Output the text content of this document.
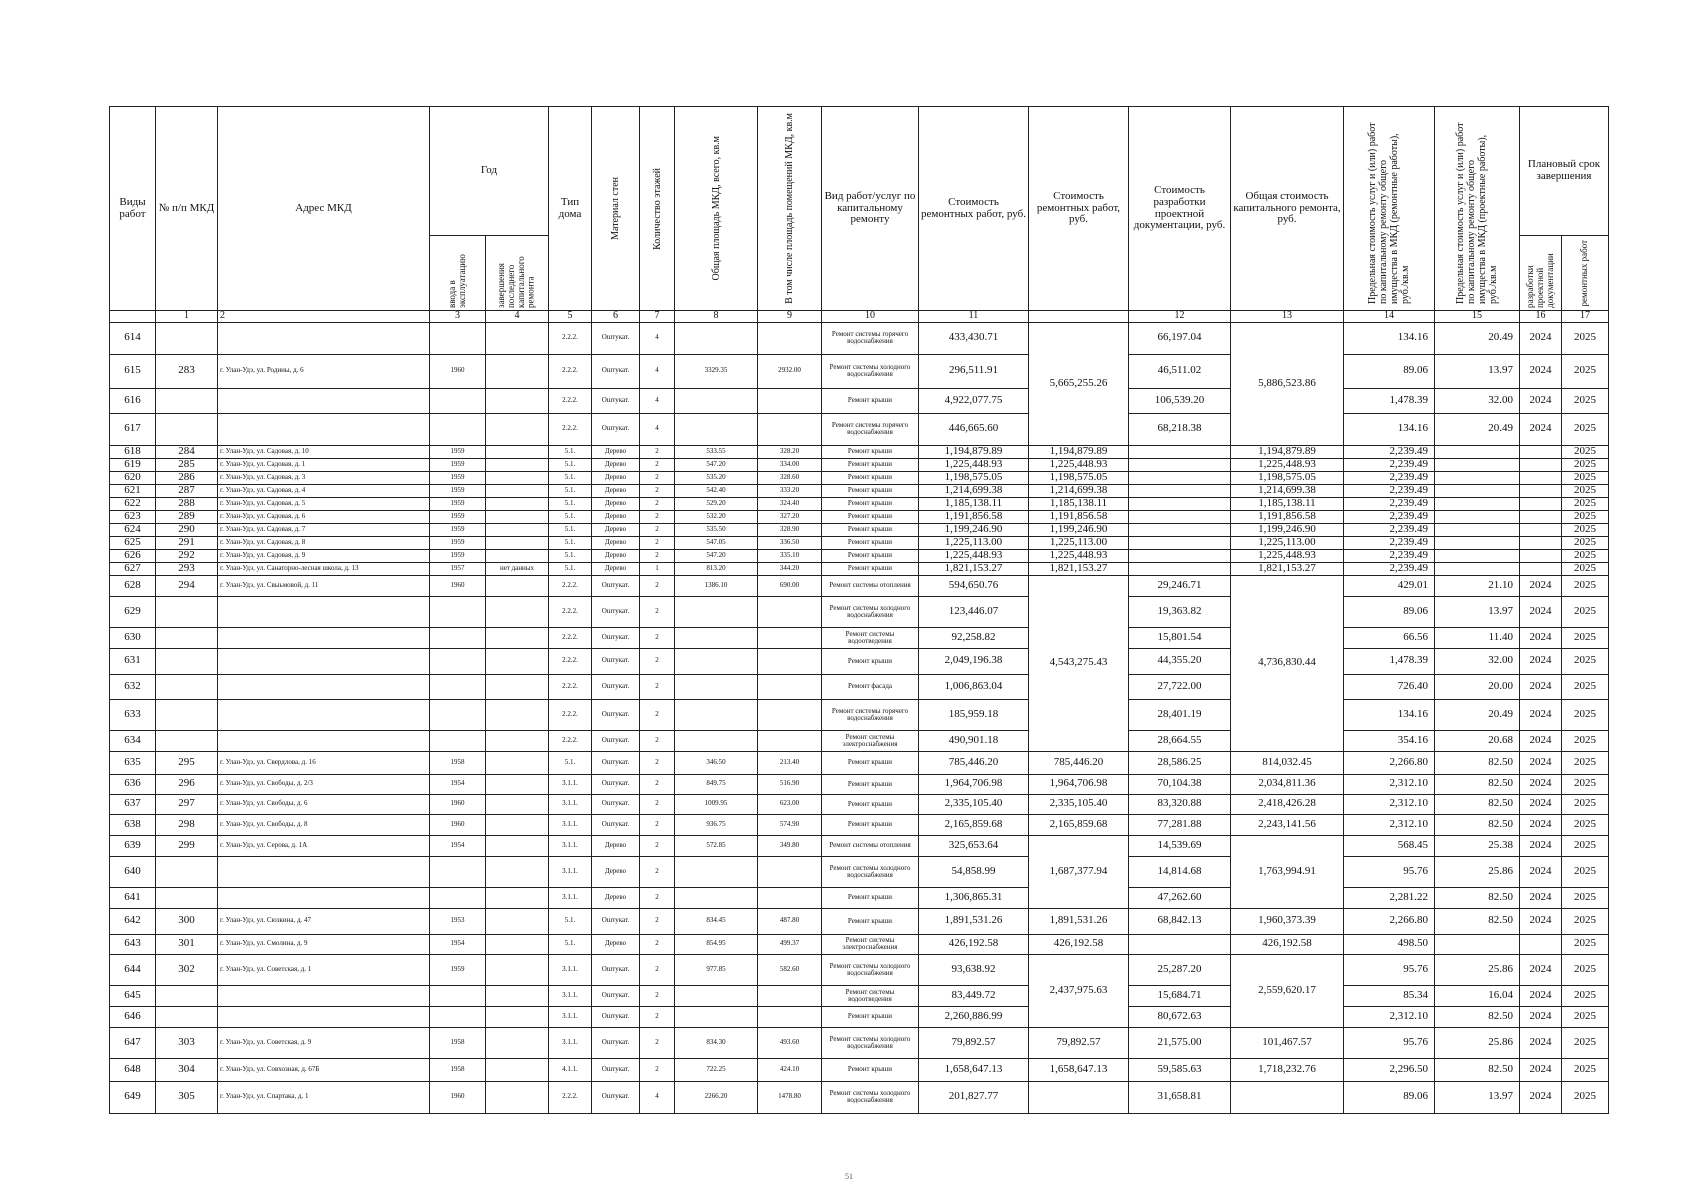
Виды работ	№ п/п МКД	Адрес МКД	Год		Тип дома	Материал стен	Количество этажей	Общая площадь МКД, всего, кв.м	В том числе площадь помещений МКД, кв.м	Вид работ/услуг по капитальному ремонту	Стоимость ремонтных работ, руб.	Стоимость ремонтных работ, руб.	Стоимость разработки проектной документации, руб.	Общая стоимость капитального ремонта, руб.	Предельная стоимость услуг и (или) работ по капитальному ремонту общего имущества в МКД (ремонтные работы), руб./кв.м	Предельная стоимость услуг и (или) работ по капитальному ремонту общего имущества в МКД (проектные работы), руб./кв.м	Плановый срок завершения	

			ввода в эксплуатацию	завершения последнего капитального ремонта													разработки проектной документации	ремонтных работ

	1	2	3	4	5	6	7	8	9	10	11		12	13	14	15	16	17
614					2.2.2.	Оштукат.	4			Ремонт системы горячего водоснабжения	433,430.71	5,665,255.26	66,197.04	5,886,523.86	134.16	20.49	2024	2025
615	283	г. Улан-Удэ, ул. Родины, д. 6	1960		2.2.2.	Оштукат.	4	3329.35	2932.00	Ремонт системы холодного водоснабжения	296,511.91		46,511.02		89.06	13.97	2024	2025
616					2.2.2.	Оштукат.	4			Ремонт крыши	4,922,077.75		106,539.20		1,478.39	32.00	2024	2025
617					2.2.2.	Оштукат.	4			Ремонт системы горячего водоснабжения	446,665.60		68,218.38		134.16	20.49	2024	2025
618	284	г. Улан-Удэ, ул. Садовая, д. 10	1959		5.1.	Дерево	2	533.55	328.20	Ремонт крыши	1,194,879.89	1,194,879.89		1,194,879.89	2,239.49			2025
619	285	г. Улан-Удэ, ул. Садовая, д. 1	1959		5.1.	Дерево	2	547.20	334.00	Ремонт крыши	1,225,448.93	1,225,448.93		1,225,448.93	2,239.49			2025
620	286	г. Улан-Удэ, ул. Садовая, д. 3	1959		5.1.	Дерево	2	535.20	328.60	Ремонт крыши	1,198,575.05	1,198,575.05		1,198,575.05	2,239.49			2025
621	287	г. Улан-Удэ, ул. Садовая, д. 4	1959		5.1.	Дерево	2	542.40	333.20	Ремонт крыши	1,214,699.38	1,214,699.38		1,214,699.38	2,239.49			2025
622	288	г. Улан-Удэ, ул. Садовая, д. 5	1959		5.1.	Дерево	2	529.20	324.40	Ремонт крыши	1,185,138.11	1,185,138.11		1,185,138.11	2,239.49			2025
623	289	г. Улан-Удэ, ул. Садовая, д. 6	1959		5.1.	Дерево	2	532.20	327.20	Ремонт крыши	1,191,856.58	1,191,856.58		1,191,856.58	2,239.49			2025
624	290	г. Улан-Удэ, ул. Садовая, д. 7	1959		5.1.	Дерево	2	535.50	328.90	Ремонт крыши	1,199,246.90	1,199,246.90		1,199,246.90	2,239.49			2025
625	291	г. Улан-Удэ, ул. Садовая, д. 8	1959		5.1.	Дерево	2	547.05	336.50	Ремонт крыши	1,225,113.00	1,225,113.00		1,225,113.00	2,239.49			2025
626	292	г. Улан-Удэ, ул. Садовая, д. 9	1959		5.1.	Дерево	2	547.20	335.10	Ремонт крыши	1,225,448.93	1,225,448.93		1,225,448.93	2,239.49			2025
627	293	г. Улан-Удэ, ул. Санаторно-лесная школа, д. 13	1957	нет данных	5.1.	Дерево	1	813.20	344.20	Ремонт крыши	1,821,153.27	1,821,153.27		1,821,153.27	2,239.49			2025
628	294	г. Улан-Удэ, ул. Свыьмовой, д. 11	1960		2.2.2.	Оштукат.	2	1386.10	690.00	Ремонт системы отопления	594,650.76	4,543,275.43	29,246.71	4,736,830.44	429.01	21.10	2024	2025
629					2.2.2.	Оштукат.	2			Ремонт системы холодного водоснабжения	123,446.07		19,363.82		89.06	13.97	2024	2025
630					2.2.2.	Оштукат.	2			Ремонт системы водоотведения	92,258.82		15,801.54		66.56	11.40	2024	2025
631					2.2.2.	Оштукат.	2			Ремонт крыши	2,049,196.38		44,355.20		1,478.39	32.00	2024	2025
632					2.2.2.	Оштукат.	2			Ремонт фасада	1,006,863.04		27,722.00		726.40	20.00	2024	2025
633					2.2.2.	Оштукат.	2			Ремонт системы горячего водоснабжения	185,959.18		28,401.19		134.16	20.49	2024	2025
634					2.2.2.	Оштукат.	2			Ремонт системы электроснабжения	490,901.18		28,664.55		354.16	20.68	2024	2025
635	295	г. Улан-Удэ, ул. Свердлова, д. 16	1958		5.1.	Оштукат.	2	346.50	213.40	Ремонт крыши	785,446.20	785,446.20	28,586.25	814,032.45	2,266.80	82.50	2024	2025
636	296	г. Улан-Удэ, ул. Свободы, д. 2/3	1954		3.1.1.	Оштукат.	2	849.75	516.90	Ремонт крыши	1,964,706.98	1,964,706.98	70,104.38	2,034,811.36	2,312.10	82.50	2024	2025
637	297	г. Улан-Удэ, ул. Свободы, д. 6	1960		3.1.1.	Оштукат.	2	1009.95	623.00	Ремонт крыши	2,335,105.40	2,335,105.40	83,320.88	2,418,426.28	2,312.10	82.50	2024	2025
638	298	г. Улан-Удэ, ул. Свободы, д. 8	1960		3.1.1.	Оштукат.	2	936.75	574.90	Ремонт крыши	2,165,859.68	2,165,859.68	77,281.88	2,243,141.56	2,312.10	82.50	2024	2025
639	299	г. Улан-Удэ, ул. Серова, д. 1А	1954		3.1.1.	Дерево	2	572.85	349.80	Ремонт системы отопления	325,653.64	1,687,377.94	14,539.69	1,763,994.91	568.45	25.38	2024	2025
640					3.1.1.	Дерево	2			Ремонт системы холодного водоснабжения	54,858.99		14,814.68		95.76	25.86	2024	2025
641					3.1.1.	Дерево	2			Ремонт крыши	1,306,865.31		47,262.60		2,281.22	82.50	2024	2025
642	300	г. Улан-Удэ, ул. Сюзкина, д. 47	1953		5.1.	Оштукат.	2	834.45	487.80	Ремонт крыши	1,891,531.26	1,891,531.26	68,842.13	1,960,373.39	2,266.80	82.50	2024	2025
643	301	г. Улан-Удэ, ул. Смолина, д. 9	1954		5.1.	Дерево	2	854.95	499.37	Ремонт системы электроснабжения	426,192.58	426,192.58		426,192.58	498.50			2025
644	302	г. Улан-Удэ, ул. Советская, д. 1	1959		3.1.1.	Оштукат.	2	977.85	582.60	Ремонт системы холодного водоснабжения	93,638.92	2,437,975.63	25,287.20	2,559,620.17	95.76	25.86	2024	2025
645					3.1.1.	Оштукат.	2			Ремонт системы водоотведения	83,449.72		15,684.71		85.34	16.04	2024	2025
646					3.1.1.	Оштукат.	2			Ремонт крыши	2,260,886.99		80,672.63		2,312.10	82.50	2024	2025
647	303	г. Улан-Удэ, ул. Советская, д. 9	1958		3.1.1.	Оштукат.	2	834.30	493.60	Ремонт системы холодного водоснабжения	79,892.57	79,892.57	21,575.00	101,467.57	95.76	25.86	2024	2025
648	304	г. Улан-Удэ, ул. Совхозная, д. 67Б	1958		4.1.1.	Оштукат.	2	722.25	424.10	Ремонт крыши	1,658,647.13	1,658,647.13	59,585.63	1,718,232.76	2,296.50	82.50	2024	2025
649	305	г. Улан-Удэ, ул. Спартака, д. 1	1960		2.2.2.	Оштукат.	4	2266.20	1478.80	Ремонт системы холодного водоснабжения	201,827.77		31,658.81		89.06	13.97	2024	2025
51
